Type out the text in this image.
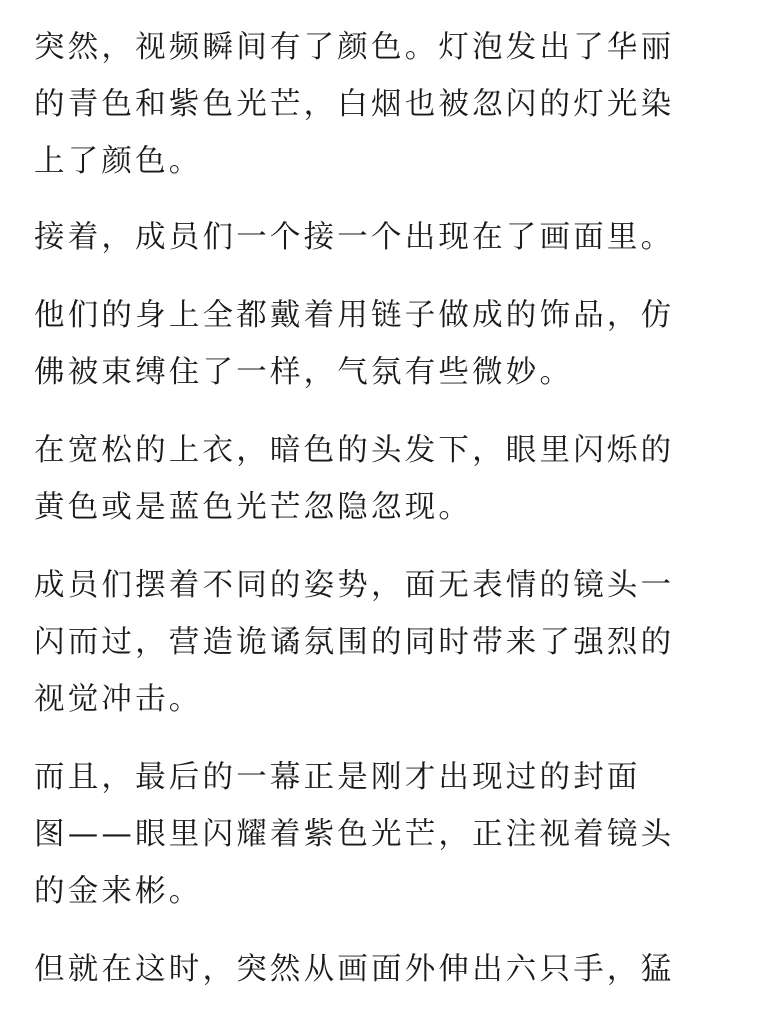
突然，视频瞬间有了颜色。灯泡发出了华丽
的青色和紫色光芒，白烟也被忽闪的灯光染
上了颜色。

接着，成员们一个接一个出现在了画面里。

他们的身上全都戴着用链子做成的饰品，仿
佛被束缚住了一样，气氛有些微妙。

在宽松的上衣，暗色的头发下，眼里闪烁的
黄色或是蓝色光芒忽隐忽现。

成员们摆着不同的姿势，面无表情的镜头一
闪而过，营造诡谲氛围的同时带来了强烈的
视觉冲击。

而且，最后的一幕正是刚才出现过的封面
图——眼里闪耀着紫色光芒，正注视着镜头
的金来彬。

但就在这时，突然从画面外伸出六只手，猛
